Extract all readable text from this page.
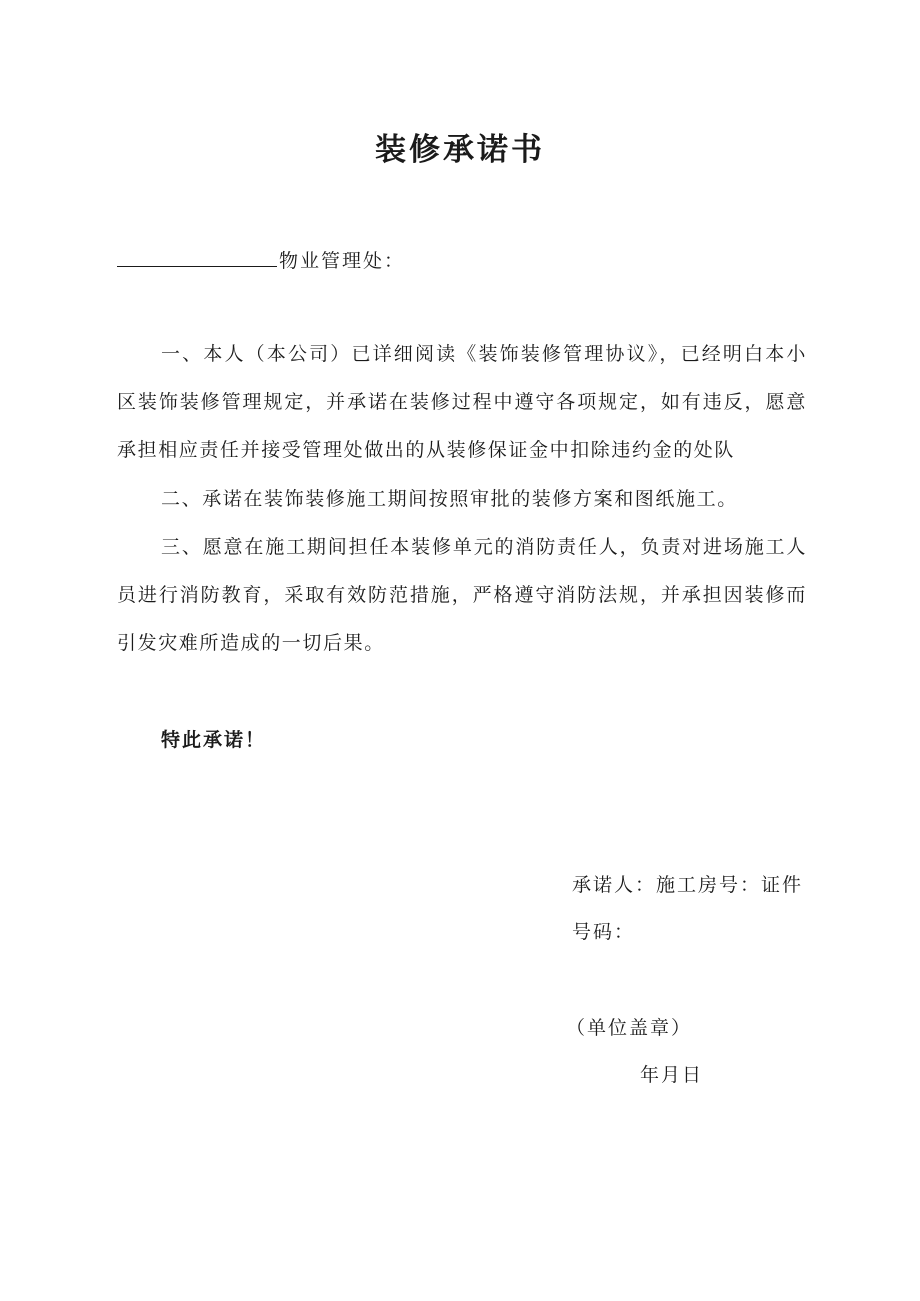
装修承诺书
物业管理处：
一、本人（本公司）已详细阅读《装饰装修管理协议》，已经明白本小区装饰装修管理规定，并承诺在装修过程中遵守各项规定，如有违反，愿意承担相应责任并接受管理处做出的从装修保证金中扣除违约金的处队
二、承诺在装饰装修施工期间按照审批的装修方案和图纸施工。
三、愿意在施工期间担任本装修单元的消防责任人，负责对进场施工人员进行消防教育，采取有效防范措施，严格遵守消防法规，并承担因装修而引发灾难所造成的一切后果。
特此承诺！
承诺人：施工房号：证件号码：
（单位盖章）
年月日
